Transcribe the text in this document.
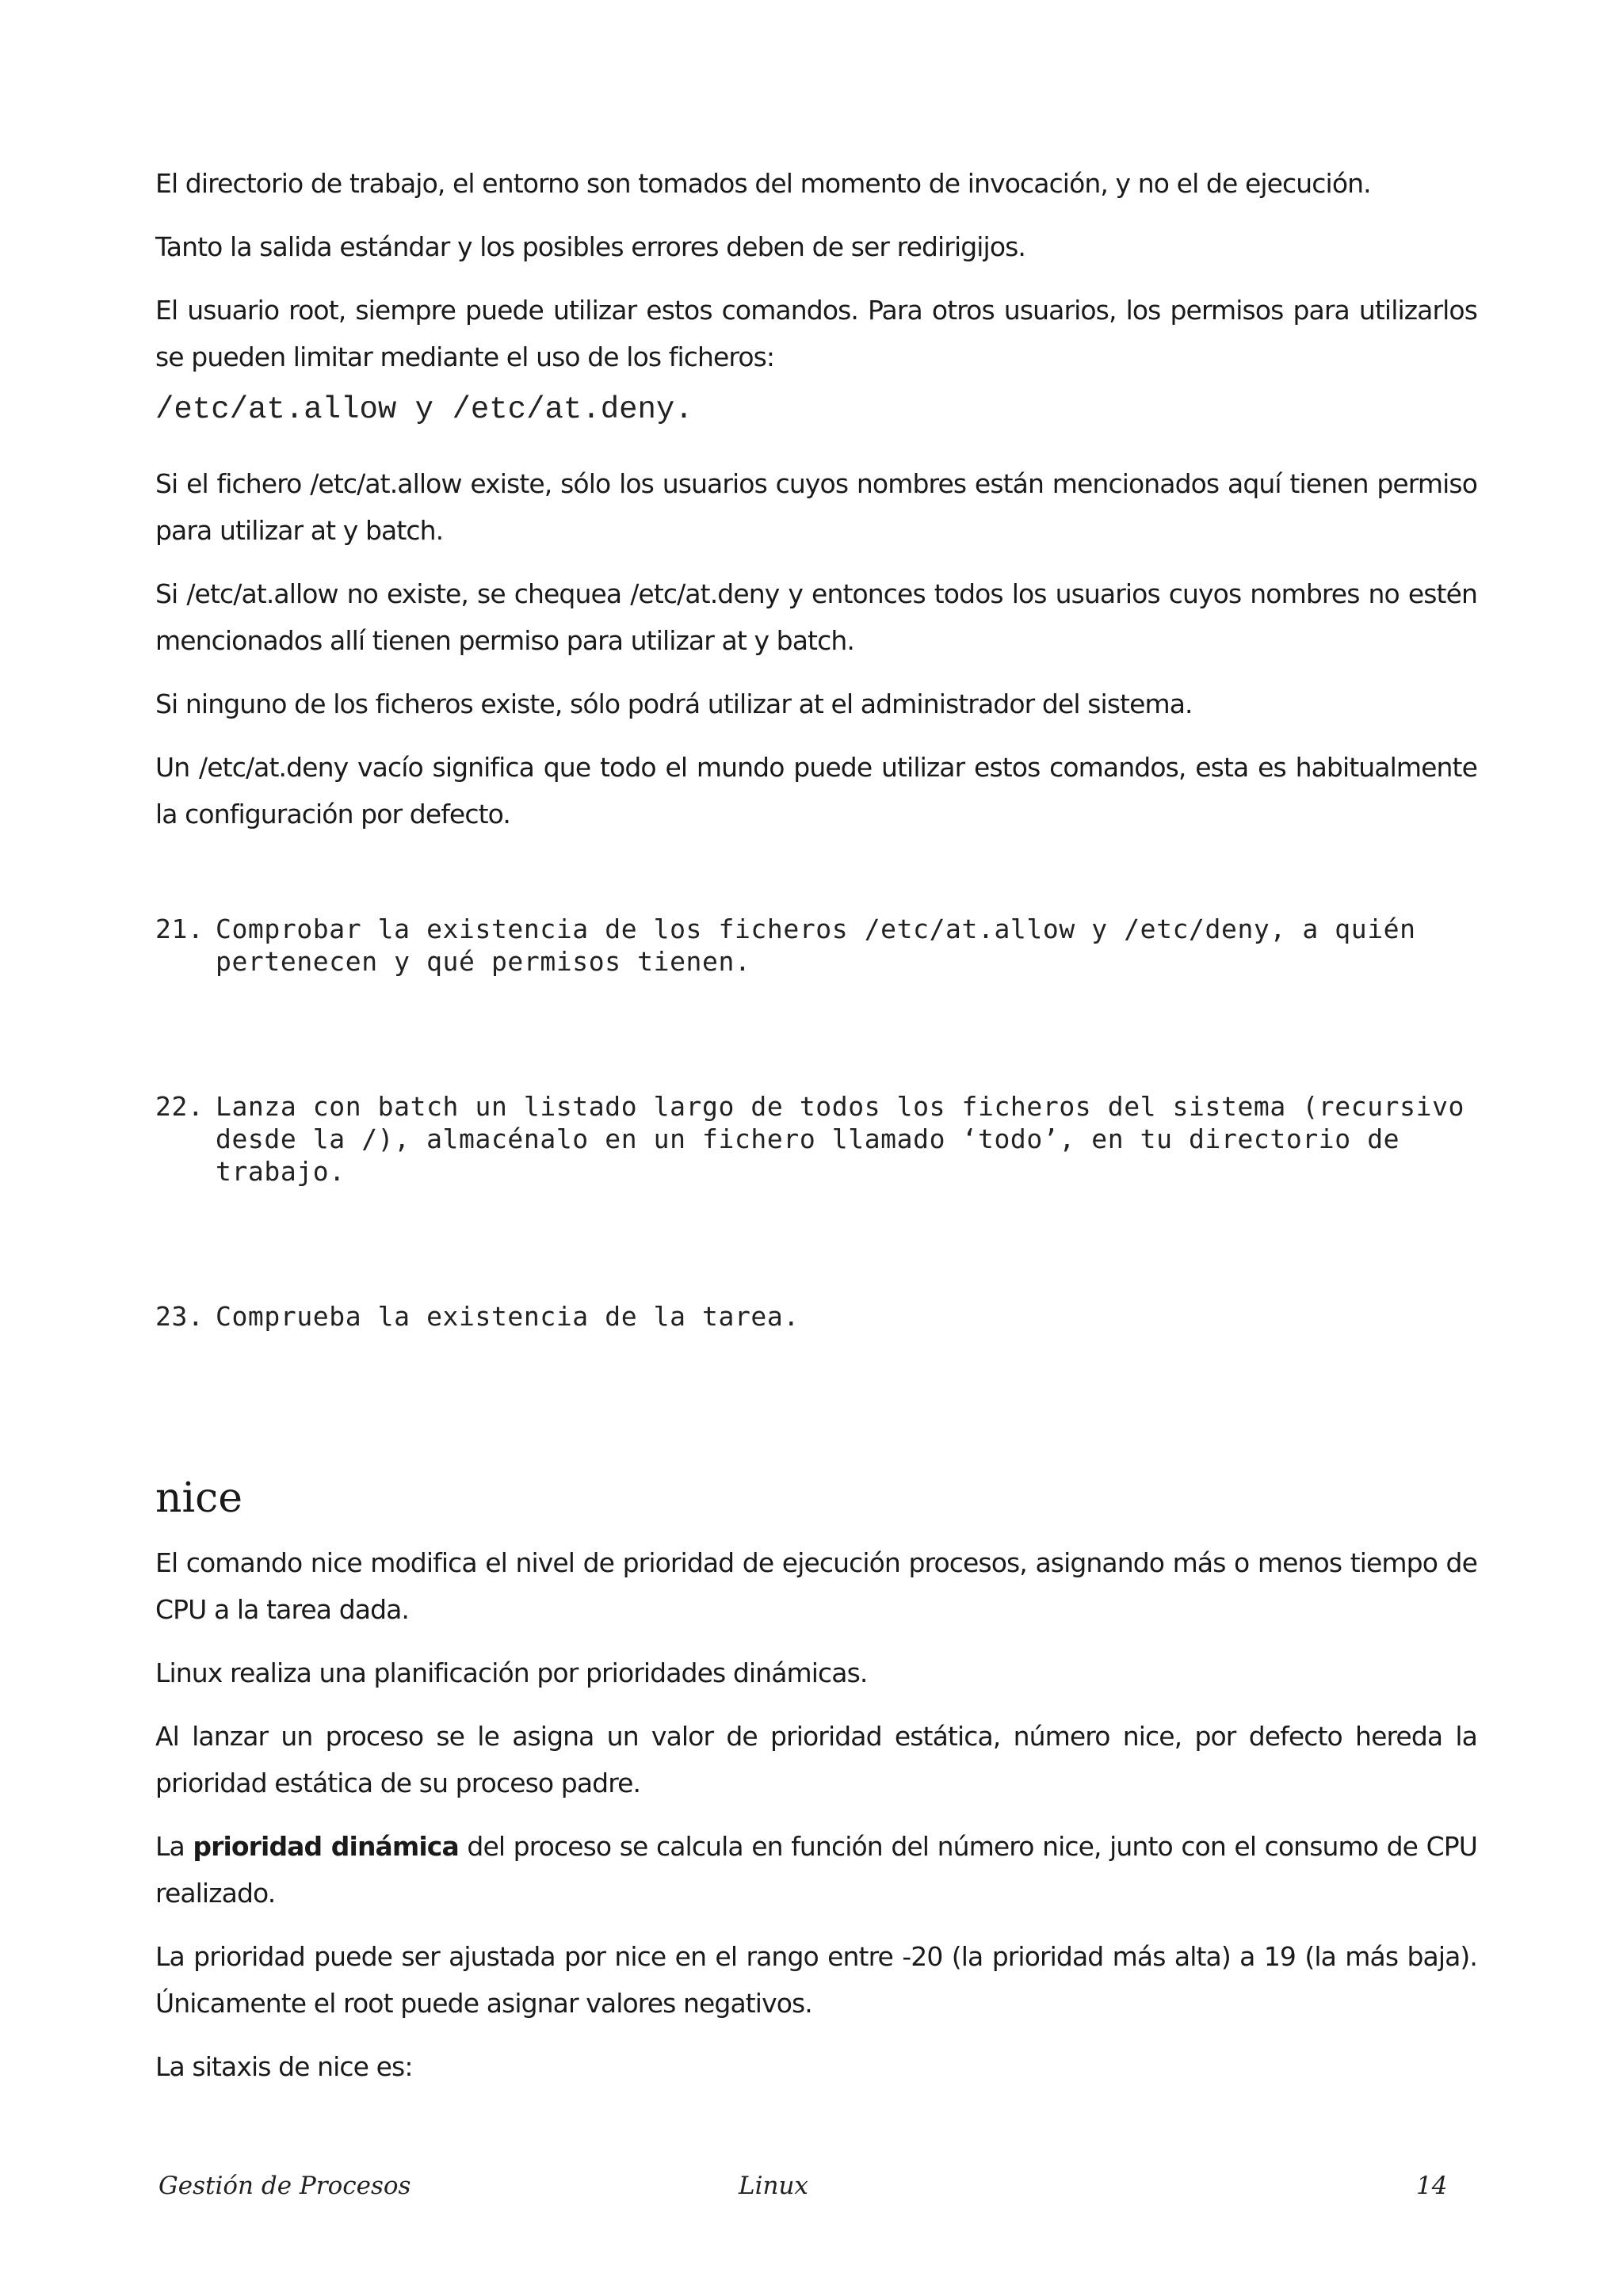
El directorio de trabajo, el entorno son tomados del momento de invocación, y no el de ejecución.

Tanto la salida estándar y los posibles errores deben de ser redirigijos.

El usuario root, siempre puede utilizar estos comandos. Para otros usuarios, los permisos para utilizarlos se pueden limitar mediante el uso de los ficheros:

/etc/at.allow y /etc/at.deny.

Si el fichero /etc/at.allow existe, sólo los usuarios cuyos nombres están mencionados aquí tienen permiso para utilizar at y batch.

Si /etc/at.allow no existe, se chequea /etc/at.deny y entonces todos los usuarios cuyos nombres no estén mencionados allí tienen permiso para utilizar at y batch.

Si ninguno de los ficheros existe, sólo podrá utilizar at el administrador del sistema.

Un /etc/at.deny vacío significa que todo el mundo puede utilizar estos comandos, esta es habitualmente la configuración por defecto.

21. Comprobar la existencia de los ficheros /etc/at.allow y /etc/deny, a quién pertenecen y qué permisos tienen.
22. Lanza con batch un listado largo de todos los ficheros del sistema (recursivo desde la /), almacénalo en un fichero llamado ‘todo’, en tu directorio de trabajo.
23. Comprueba la existencia de la tarea.
nice

El comando nice modifica el nivel de prioridad de ejecución procesos, asignando más o menos tiempo de CPU a la tarea dada.

Linux realiza una planificación por prioridades dinámicas.

Al lanzar un proceso se le asigna un valor de prioridad estática, número nice, por defecto hereda la prioridad estática de su proceso padre.

La prioridad dinámica del proceso se calcula en función del número nice, junto con el consumo de CPU realizado.

La prioridad puede ser ajustada por nice en el rango entre -20 (la prioridad más alta) a 19 (la más baja). Únicamente el root puede asignar valores negativos.

La sitaxis de nice es:

Gestión de Procesos	Linux	14
